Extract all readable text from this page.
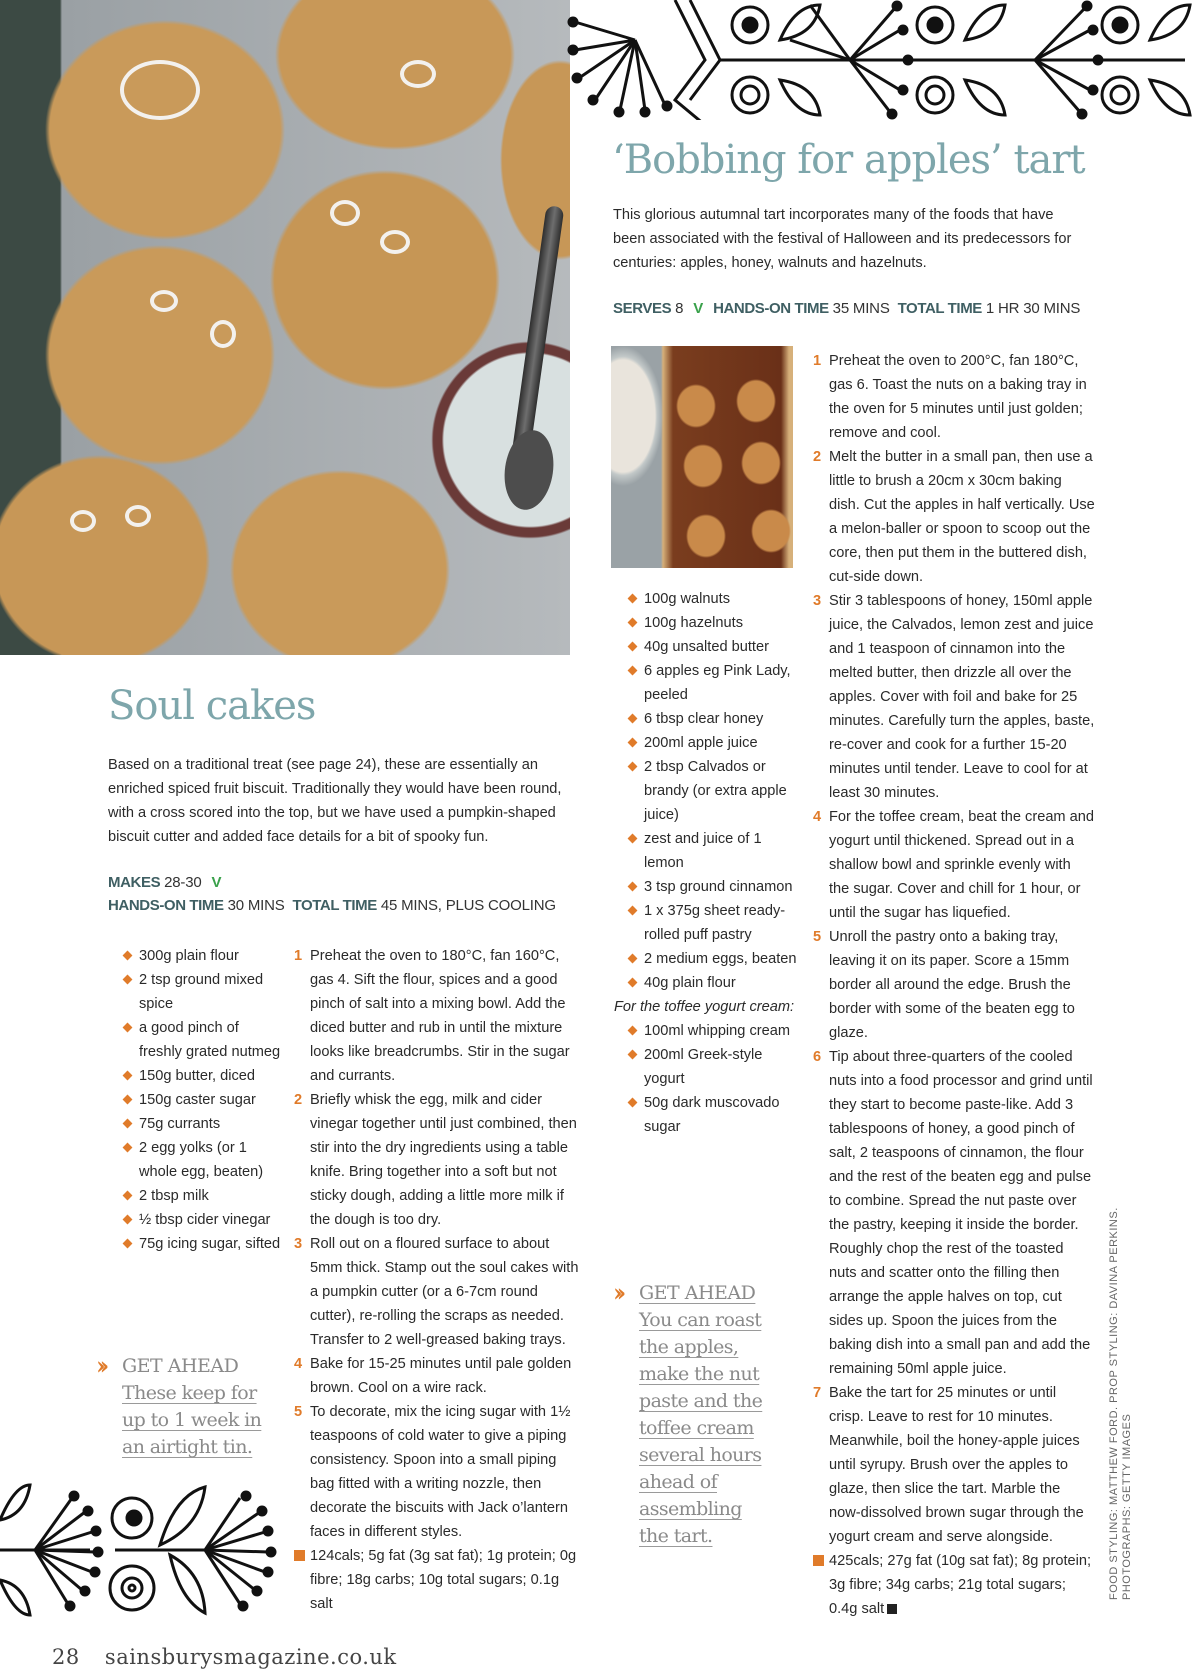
‘Bobbing for apples’ tart

This glorious autumnal tart incorporates many of the foods that have been associated with the festival of Halloween and its predecessors for centuries: apples, honey, walnuts and hazelnuts.

SERVES 8 V HANDS-ON TIME 35 MINS TOTAL TIME 1 HR 30 MINS
100g walnuts
100g hazelnuts
40g unsalted butter
6 apples eg Pink Lady, peeled
6 tbsp clear honey
200ml apple juice
2 tbsp Calvados or brandy (or extra apple juice)
zest and juice of 1 lemon
3 tsp ground cinnamon
1 x 375g sheet ready-rolled puff pastry
2 medium eggs, beaten
40g plain flour
For the toffee yogurt cream:
100ml whipping cream
200ml Greek-style yogurt
50g dark muscovado sugar
›› GET AHEAD
You can roast the apples, make the nut paste and the toffee cream several hours ahead of assembling the tart.
1 Preheat the oven to 200°C, fan 180°C, gas 6. Toast the nuts on a baking tray in the oven for 5 minutes until just golden; remove and cool.
2 Melt the butter in a small pan, then use a little to brush a 20cm x 30cm baking dish. Cut the apples in half vertically. Use a melon-baller or spoon to scoop out the core, then put them in the buttered dish, cut-side down.
3 Stir 3 tablespoons of honey, 150ml apple juice, the Calvados, lemon zest and juice and 1 teaspoon of cinnamon into the melted butter, then drizzle all over the apples. Cover with foil and bake for 25 minutes. Carefully turn the apples, baste, re-cover and cook for a further 15-20 minutes until tender. Leave to cool for at least 30 minutes.
4 For the toffee cream, beat the cream and yogurt until thickened. Spread out in a shallow bowl and sprinkle evenly with the sugar. Cover and chill for 1 hour, or until the sugar has liquefied.
5 Unroll the pastry onto a baking tray, leaving it on its paper. Score a 15mm border all around the edge. Brush the border with some of the beaten egg to glaze.
6 Tip about three-quarters of the cooled nuts into a food processor and grind until they start to become paste-like. Add 3 tablespoons of honey, a good pinch of salt, 2 teaspoons of cinnamon, the flour and the rest of the beaten egg and pulse to combine. Spread the nut paste over the pastry, keeping it inside the border. Roughly chop the rest of the toasted nuts and scatter onto the filling then arrange the apple halves on top, cut sides up. Spoon the juices from the baking dish into a small pan and add the remaining 50ml apple juice.
7 Bake the tart for 25 minutes or until crisp. Leave to rest for 10 minutes. Meanwhile, boil the honey-apple juices until syrupy. Brush over the apples to glaze, then slice the tart. Marble the now-dissolved brown sugar through the yogurt cream and serve alongside.
425cals; 27g fat (10g sat fat); 8g protein; 3g fibre; 34g carbs; 21g total sugars; 0.4g salt
Soul cakes

Based on a traditional treat (see page 24), these are essentially an enriched spiced fruit biscuit. Traditionally they would have been round, with a cross scored into the top, but we have used a pumpkin-shaped biscuit cutter and added face details for a bit of spooky fun.

MAKES 28-30 V
HANDS-ON TIME 30 MINS TOTAL TIME 45 MINS, PLUS COOLING
300g plain flour
2 tsp ground mixed spice
a good pinch of freshly grated nutmeg
150g butter, diced
150g caster sugar
75g currants
2 egg yolks (or 1 whole egg, beaten)
2 tbsp milk
½ tbsp cider vinegar
75g icing sugar, sifted
›› GET AHEAD
These keep for up to 1 week in an airtight tin.
1 Preheat the oven to 180°C, fan 160°C, gas 4. Sift the flour, spices and a good pinch of salt into a mixing bowl. Add the diced butter and rub in until the mixture looks like breadcrumbs. Stir in the sugar and currants.
2 Briefly whisk the egg, milk and cider vinegar together until just combined, then stir into the dry ingredients using a table knife. Bring together into a soft but not sticky dough, adding a little more milk if the dough is too dry.
3 Roll out on a floured surface to about 5mm thick. Stamp out the soul cakes with a pumpkin cutter (or a 6-7cm round cutter), re-rolling the scraps as needed. Transfer to 2 well-greased baking trays.
4 Bake for 15-25 minutes until pale golden brown. Cool on a wire rack.
5 To decorate, mix the icing sugar with 1½ teaspoons of cold water to give a piping consistency. Spoon into a small piping bag fitted with a writing nozzle, then decorate the biscuits with Jack o’lantern faces in different styles.
124cals; 5g fat (3g sat fat); 1g protein; 0g fibre; 18g carbs; 10g total sugars; 0.1g salt
FOOD STYLING: MATTHEW FORD. PROP STYLING: DAVINA PERKINS. PHOTOGRAPHS: GETTY IMAGES
28 sainsburysmagazine.co.uk
